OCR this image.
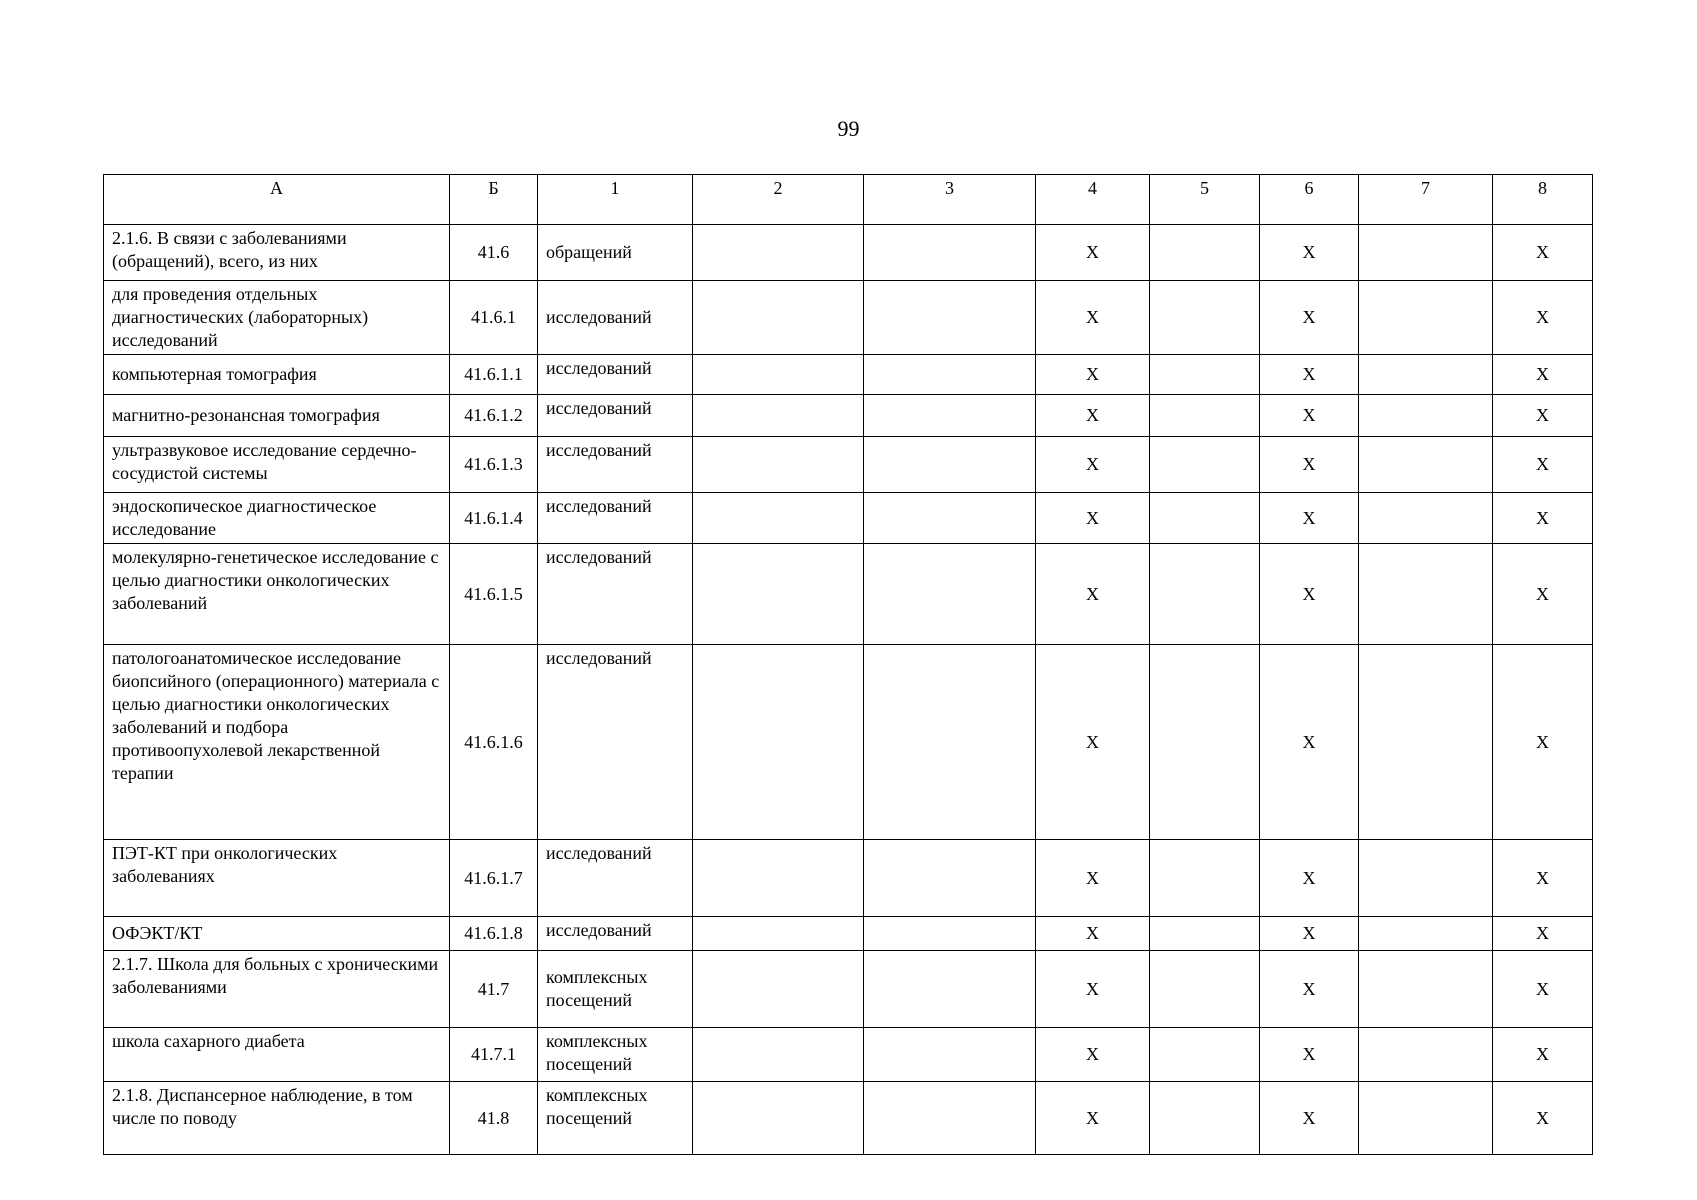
99
А	Б	1	2	3	4	5	6	7	8
2.1.6. В связи с заболеваниями (обращений), всего, из них	41.6	обращений			Х		Х		Х
для проведения отдельных диагностических (лабораторных) исследований	41.6.1	исследований			Х		Х		Х
компьютерная томография	41.6.1.1	исследований			Х		Х		Х
магнитно-резонансная томография	41.6.1.2	исследований			Х		Х		Х
ультразвуковое исследование сердечно-сосудистой системы	41.6.1.3	исследований			Х		Х		Х
эндоскопическое диагностическое исследование	41.6.1.4	исследований			Х		Х		Х
молекулярно-генетическое исследование с целью диагностики онкологических заболеваний	41.6.1.5	исследований			Х		Х		Х
патологоанатомическое исследование биопсийного (операционного) материала с целью диагностики онкологических заболеваний и подбора противоопухолевой лекарственной терапии	41.6.1.6	исследований			Х		Х		Х
ПЭТ-КТ при онкологических заболеваниях	41.6.1.7	исследований			Х		Х		Х
ОФЭКТ/КТ	41.6.1.8	исследований			Х		Х		Х
2.1.7. Школа для больных с хроническими заболеваниями	41.7	комплексных посещений			Х		Х		Х
школа сахарного диабета	41.7.1	комплексных посещений			Х		Х		Х
2.1.8. Диспансерное наблюдение, в том числе по поводу	41.8	комплексных посещений			Х		Х		Х
